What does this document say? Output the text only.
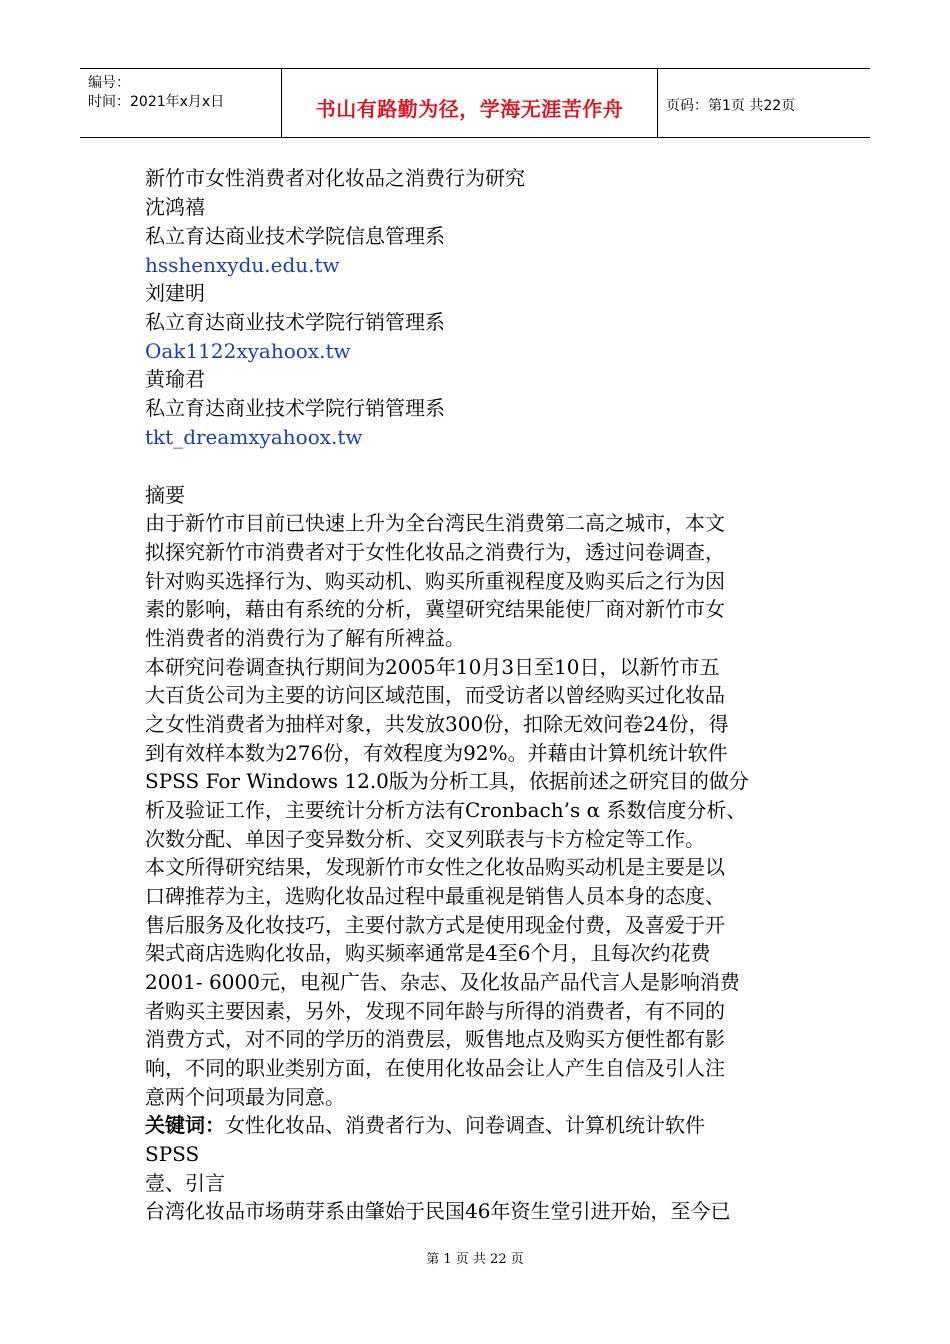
编号：
时间：2021年x月x日	书山有路勤为径，学海无涯苦作舟	页码：第1页 共22页
新竹市女性消费者对化妆品之消费行为研究
沈鸿禧
私立育达商业技术学院信息管理系
hsshenxydu.edu.tw
刘建明
私立育达商业技术学院行销管理系
Oak1122xyahoox.tw
黄瑜君
私立育达商业技术学院行销管理系
tkt_dreamxyahoox.tw
摘要
由于新竹市目前已快速上升为全台湾民生消费第二高之城市，本文
拟探究新竹市消费者对于女性化妆品之消费行为，透过问卷调查，
针对购买选择行为、购买动机、购买所重视程度及购买后之行为因
素的影响，藉由有系统的分析，冀望研究结果能使厂商对新竹市女
性消费者的消费行为了解有所裨益。
本研究问卷调查执行期间为2005年10月3日至10日，以新竹市五
大百货公司为主要的访问区域范围，而受访者以曾经购买过化妆品
之女性消费者为抽样对象，共发放300份，扣除无效问卷24份，得
到有效样本数为276份，有效程度为92%。并藉由计算机统计软件
SPSS For Windows 12.0版为分析工具，依据前述之研究目的做分
析及验证工作，主要统计分析方法有Cronbach’s α 系数信度分析、
次数分配、单因子变异数分析、交叉列联表与卡方检定等工作。
本文所得研究结果，发现新竹市女性之化妆品购买动机是主要是以
口碑推荐为主，选购化妆品过程中最重视是销售人员本身的态度、
售后服务及化妆技巧，主要付款方式是使用现金付费，及喜爱于开
架式商店选购化妆品，购买频率通常是4至6个月，且每次约花费
2001- 6000元，电视广告、杂志、及化妆品产品代言人是影响消费
者购买主要因素，另外，发现不同年龄与所得的消费者，有不同的
消费方式，对不同的学历的消费层，贩售地点及购买方便性都有影
响，不同的职业类别方面，在使用化妆品会让人产生自信及引人注
意两个问项最为同意。
关键词：女性化妆品、消费者行为、问卷调查、计算机统计软件
SPSS
壹、引言
台湾化妆品市场萌芽系由肇始于民国46年资生堂引进开始，至今已
第 1 页 共 22 页
